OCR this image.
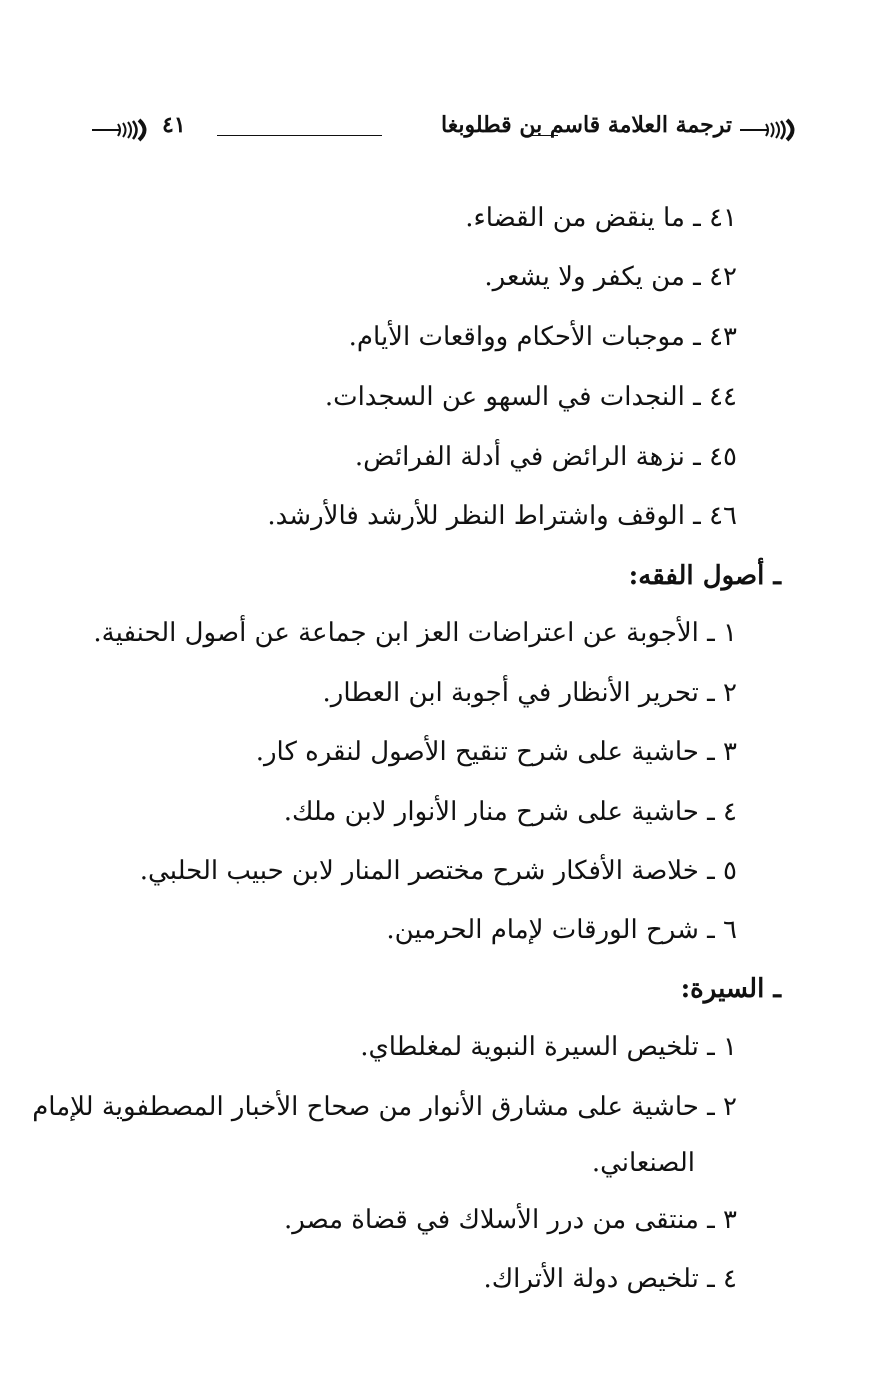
ترجمة العلامة قاسم بن قطلوبغا
٤١
٤١ ـ ما ينقض من القضاء.
٤٢ ـ من يكفر ولا يشعر.
٤٣ ـ موجبات الأحكام وواقعات الأيام.
٤٤ ـ النجدات في السهو عن السجدات.
٤٥ ـ نزهة الرائض في أدلة الفرائض.
٤٦ ـ الوقف واشتراط النظر للأرشد فالأرشد.
ـ أصول الفقه:
١ ـ الأجوبة عن اعتراضات العز ابن جماعة عن أصول الحنفية.
٢ ـ تحرير الأنظار في أجوبة ابن العطار.
٣ ـ حاشية على شرح تنقيح الأصول لنقره كار.
٤ ـ حاشية على شرح منار الأنوار لابن ملك.
٥ ـ خلاصة الأفكار شرح مختصر المنار لابن حبيب الحلبي.
٦ ـ شرح الورقات لإمام الحرمين.
ـ السيرة:
١ ـ تلخيص السيرة النبوية لمغلطاي.
٢ ـ حاشية على مشارق الأنوار من صحاح الأخبار المصطفوية للإمام
الصنعاني.
٣ ـ منتقى من درر الأسلاك في قضاة مصر.
٤ ـ تلخيص دولة الأتراك.
